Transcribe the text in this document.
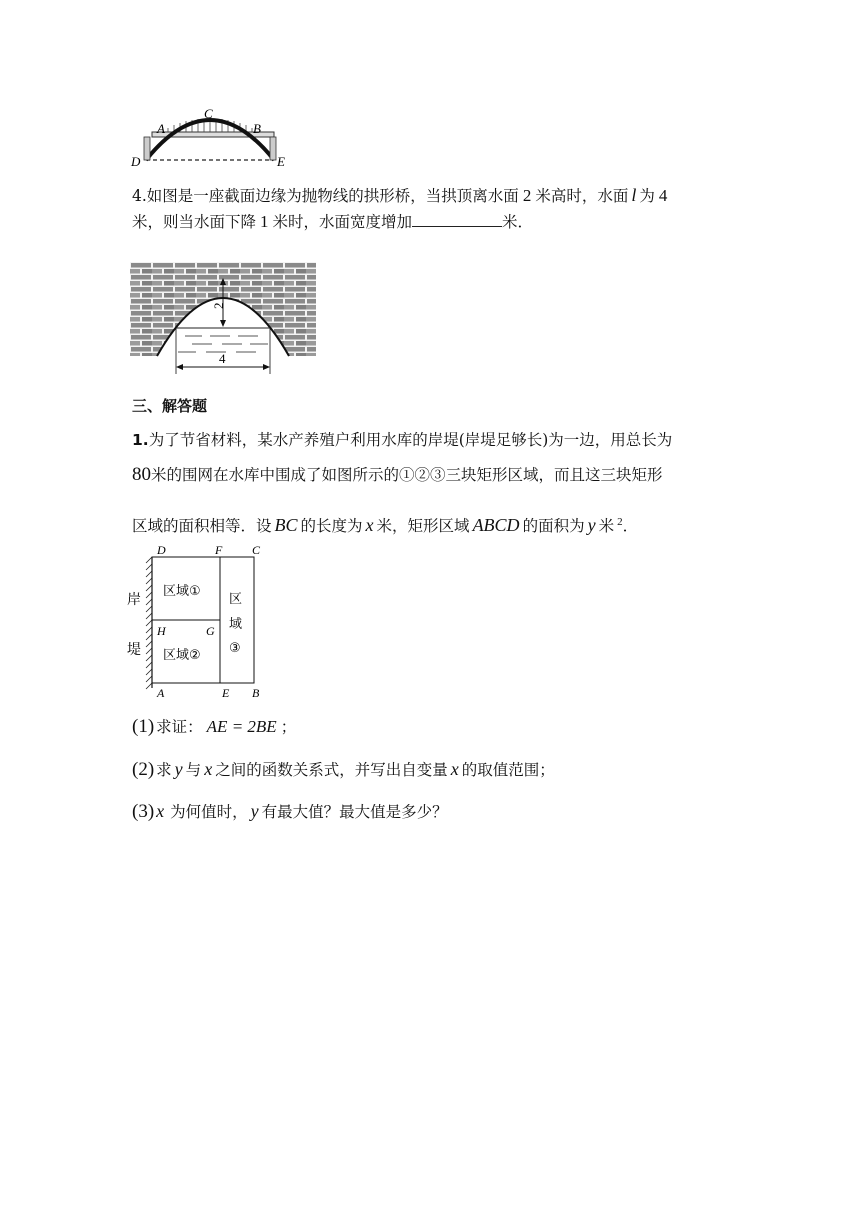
A
C
B
D	E
4.如图是一座截面边缘为抛物线的拱形桥，当拱顶离水面 2 米高时，水面 l 为 4
米，则当水面下降 1 米时，水面宽度增加	米．
2
4
三、解答题
1.为了节省材料，某水产养殖户利用水库的岸堤(岸堤足够长)为一边，用总长为
80米的围网在水库中围成了如图所示的①②③三块矩形区域，而且这三块矩形
区域的面积相等．设 BC 的长度为 x 米，矩形区域 ABCD 的面积为 y 米 $^2$．
D	F C
H	G
A	E B
岸
堤
区域①
区域②
区
域
③
(1) 求证： AE = 2BE ；
(2) 求 y 与 x 之间的函数关系式，并写出自变量 x 的取值范围；
(3) x 为何值时， y 有最大值？最大值是多少？
